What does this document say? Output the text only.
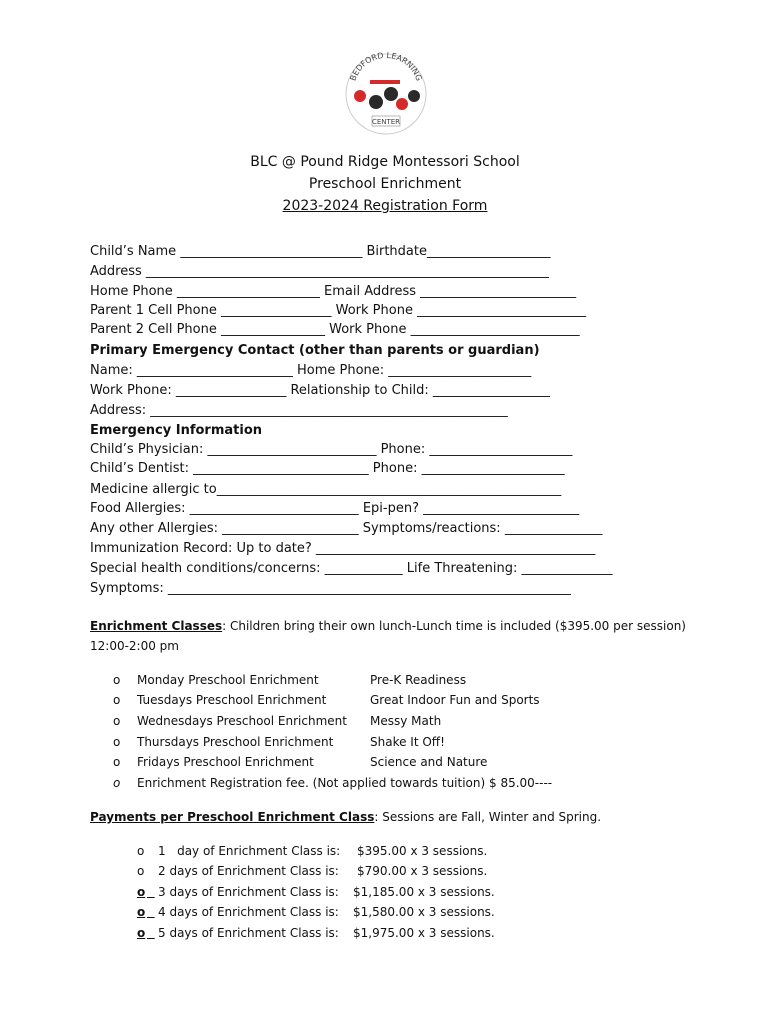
BEDFORD LEARNING
CENTER
BLC @ Pound Ridge Montessori School
Preschool Enrichment
2023-2024 Registration Form
Child’s Name ____________________________ Birthdate___________________
Address ______________________________________________________________
Home Phone ______________________ Email Address ________________________
Parent 1 Cell Phone _________________ Work Phone __________________________
Parent 2 Cell Phone ________________ Work Phone __________________________
Primary Emergency Contact (other than parents or guardian)
Name: ________________________ Home Phone: ______________________
Work Phone: _________________ Relationship to Child: __________________
Address: _______________________________________________________
Emergency Information
Child’s Physician: __________________________ Phone: ______________________
Child’s Dentist: ___________________________ Phone: ______________________
Medicine allergic to_____________________________________________________
Food Allergies: __________________________ Epi-pen? ________________________
Any other Allergies: _____________________ Symptoms/reactions: _______________
Immunization Record: Up to date? ___________________________________________
Special health conditions/concerns: ____________ Life Threatening: ______________
Symptoms: ______________________________________________________________
Enrichment Classes: Children bring their own lunch-Lunch time is included ($395.00 per session)
12:00-2:00 pm
o Monday Preschool Enrichment	Pre-K Readiness
o Tuesdays Preschool Enrichment	Great Indoor Fun and Sports
o Wednesdays Preschool Enrichment Messy Math
o Thursdays Preschool Enrichment	Shake It Off!
o Fridays Preschool Enrichment	Science and Nature
o Enrichment Registration fee. (Not applied towards tuition) $ 85.00----
Payments per Preschool Enrichment Class: Sessions are Fall, Winter and Spring.
o 1   day of Enrichment Class is: $395.00 x 3 sessions.
o 2 days of Enrichment Class is: $790.00 x 3 sessions.
o
3 days of Enrichment Class is: $1,185.00 x 3 sessions.
o
4 days of Enrichment Class is: $1,580.00 x 3 sessions.
o
5 days of Enrichment Class is: $1,975.00 x 3 sessions.
